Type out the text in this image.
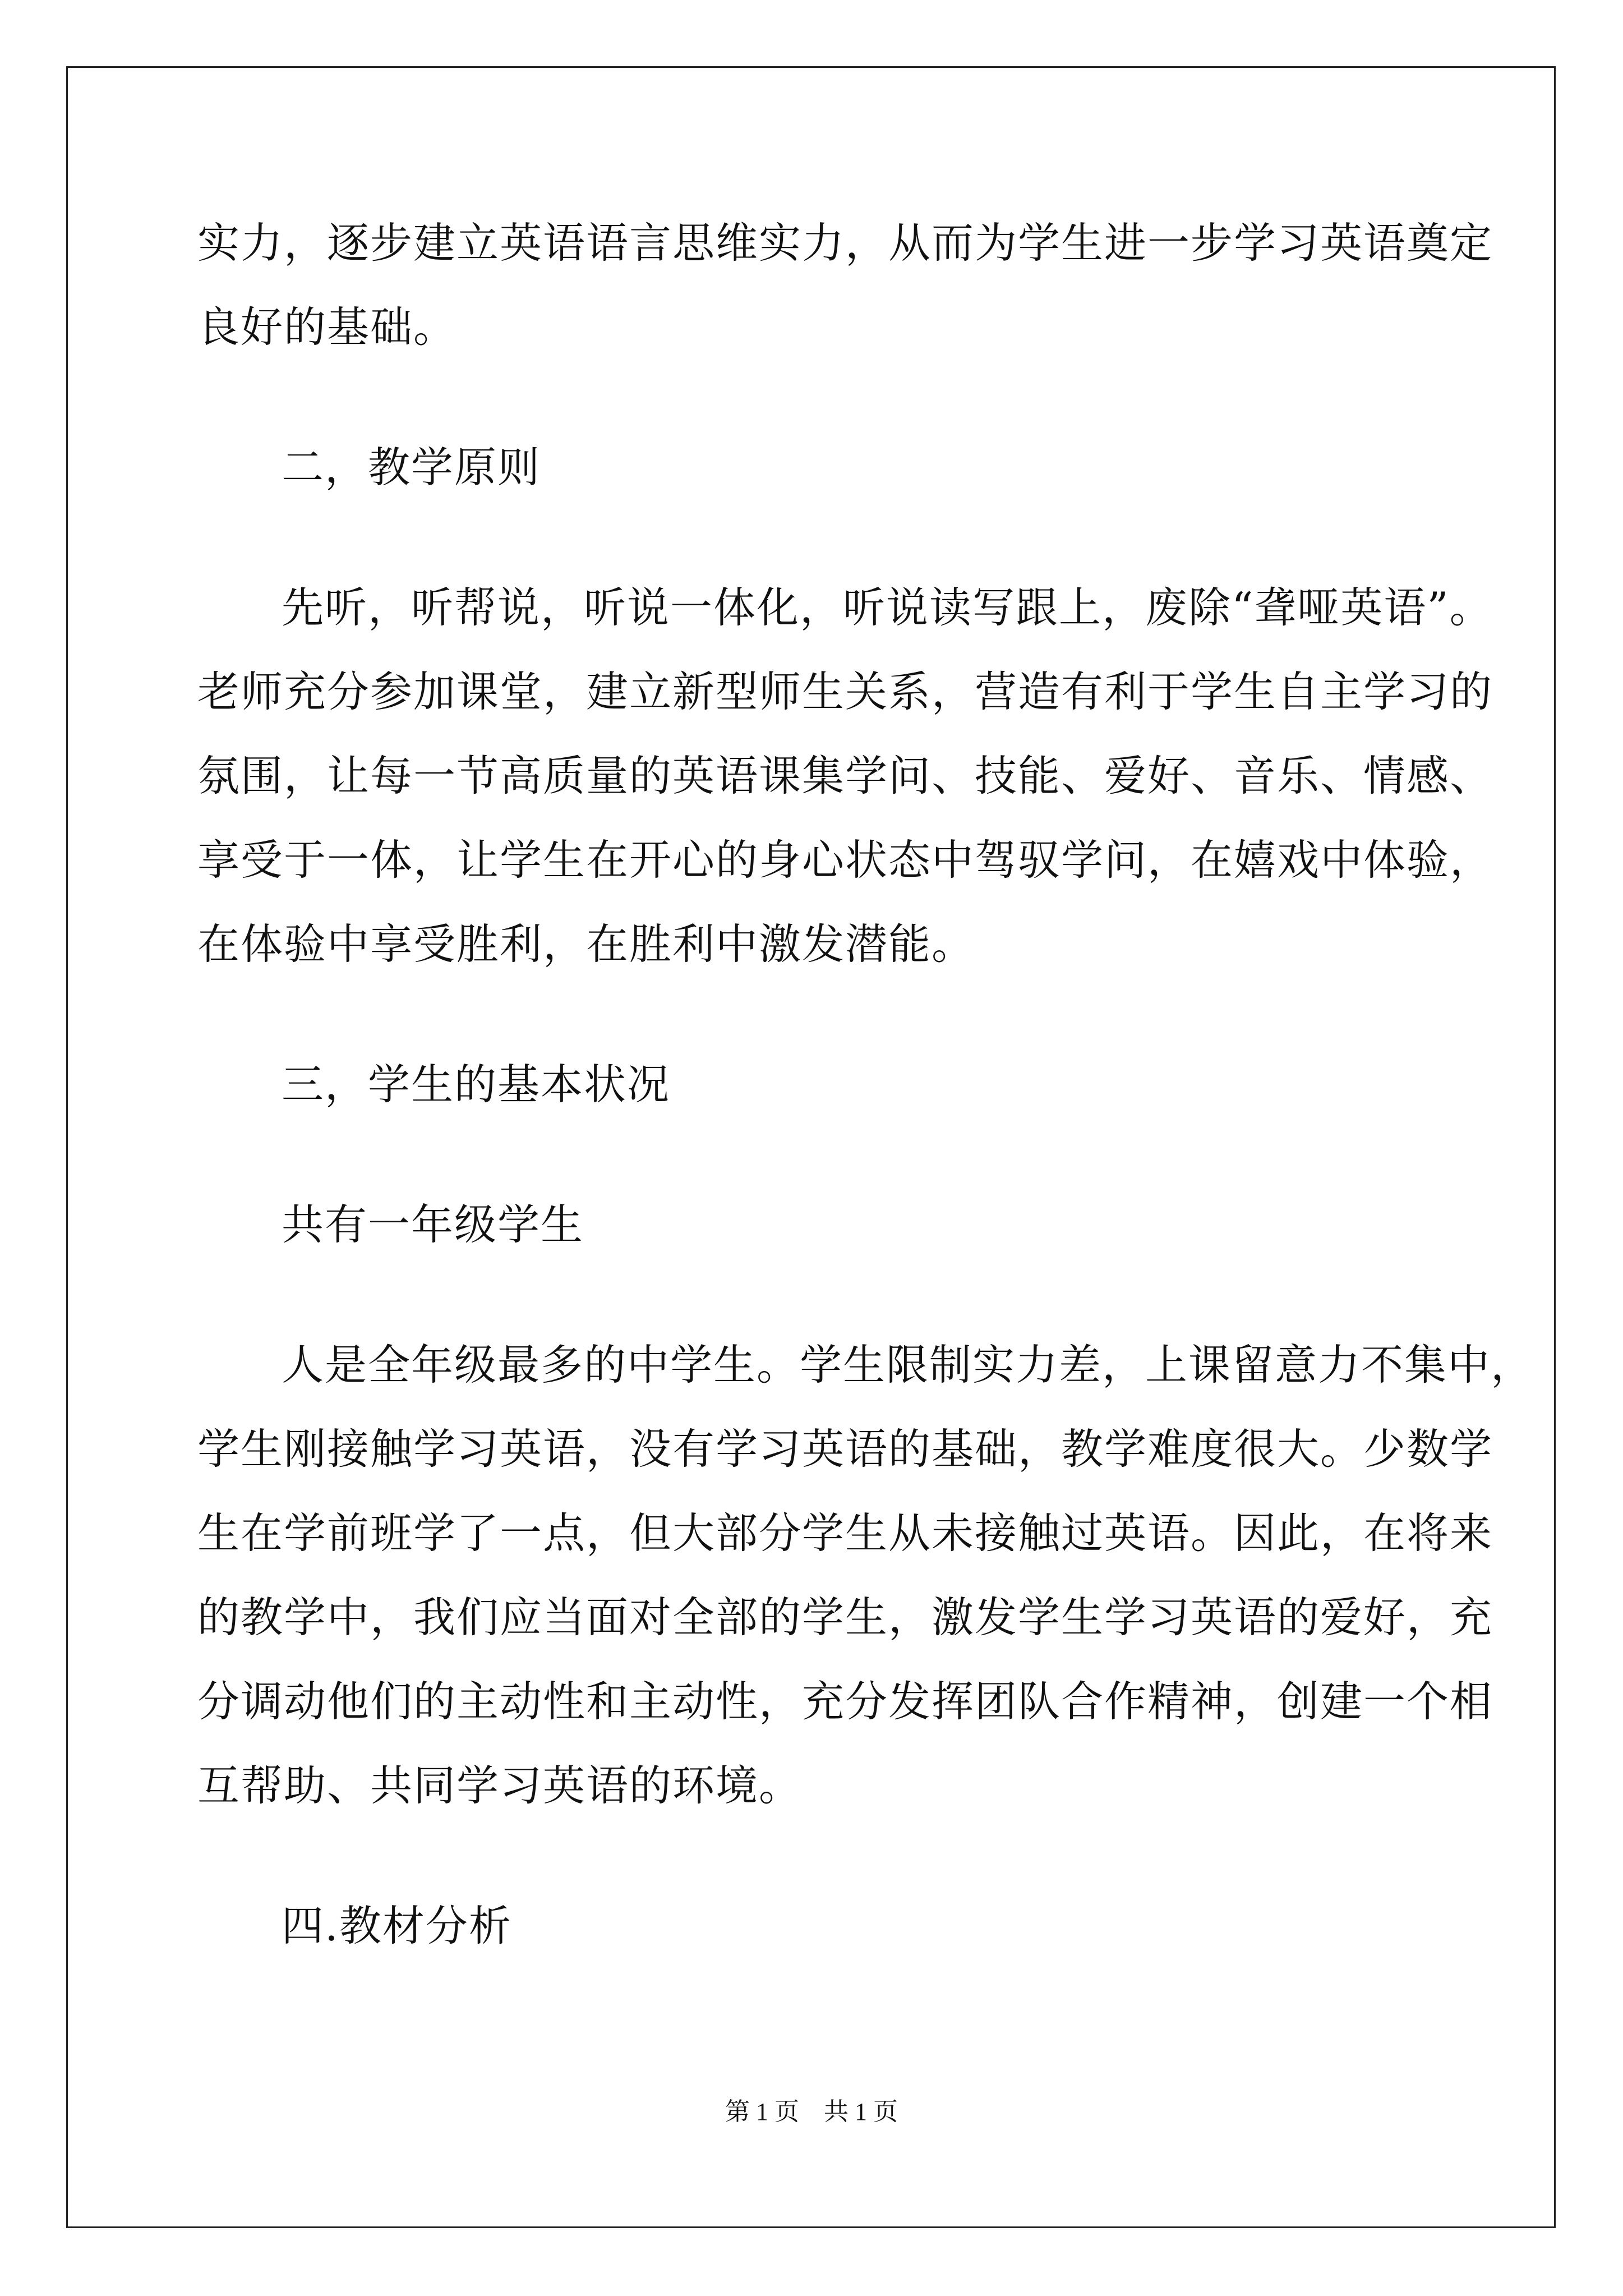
实力，逐步建立英语语言思维实力，从而为学生进一步学习英语奠定
良好的基础。
二，教学原则
先听，听帮说，听说一体化，听说读写跟上，废除“聋哑英语”。
老师充分参加课堂，建立新型师生关系，营造有利于学生自主学习的
氛围，让每一节高质量的英语课集学问、技能、爱好、音乐、情感、
享受于一体，让学生在开心的身心状态中驾驭学问，在嬉戏中体验，
在体验中享受胜利，在胜利中激发潜能。
三，学生的基本状况
共有一年级学生
人是全年级最多的中学生。学生限制实力差，上课留意力不集中，
学生刚接触学习英语，没有学习英语的基础，教学难度很大。少数学
生在学前班学了一点，但大部分学生从未接触过英语。因此，在将来
的教学中，我们应当面对全部的学生，激发学生学习英语的爱好，充
分调动他们的主动性和主动性，充分发挥团队合作精神，创建一个相
互帮助、共同学习英语的环境。
四.教材分析
第 1 页　共 1 页
